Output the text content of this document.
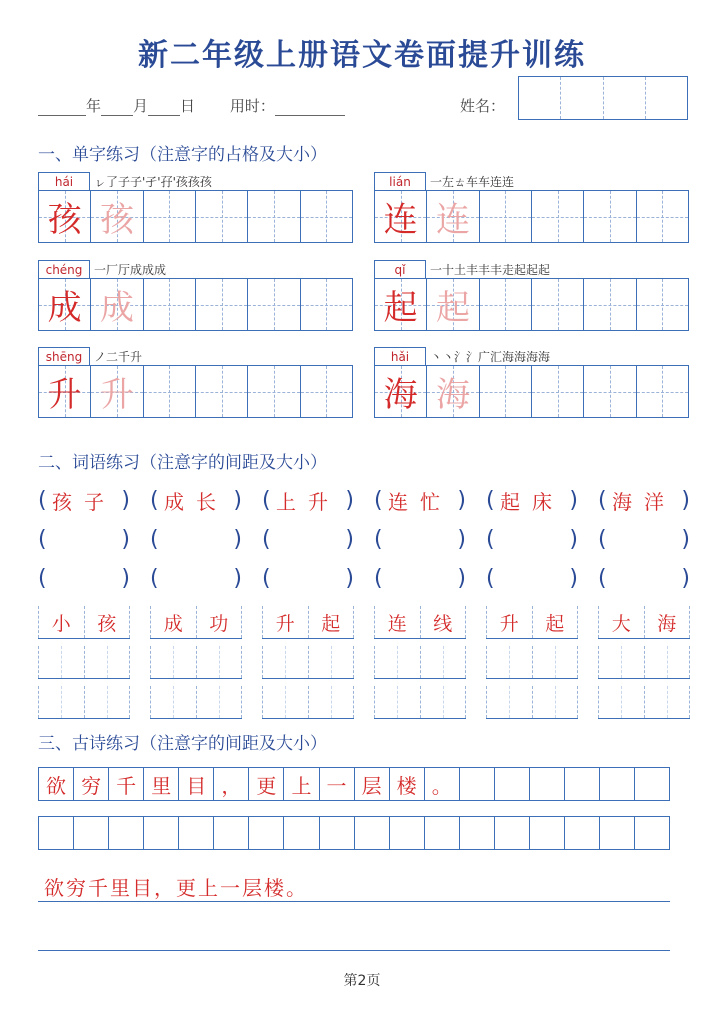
新二年级上册语文卷面提升训练
年 月 日 用时：	姓名：
一、单字练习（注意字的占格及大小）
hái	ㇾ了子子'孑'孖'孩孩孩
孩 孩
lián	一左ㄊ车车连连
连 连
chéng 一厂厅成成成
成 成
qǐ	一十土丰丰丰走起起起
起 起
shēng ノ二千升
升 升
hǎi	丶丶氵氵广汇海海海海
海 海
二、词语练习（注意字的间距及大小）
( 孩子 ) ( 成长 ) ( 上升 ) ( 连忙 ) ( 起床 ) ( 海洋 )
(	) (	) (	) (	) (	) (	)
(	) (	) (	) (	) (	) (	)
小	孩	成	功	升	起	连	线	升	起	大	海
三、古诗练习（注意字的间距及大小）
欲 穷 千 里 目 ， 更 上 一 层 楼 。
欲穷千里目，更上一层楼。
第2页
